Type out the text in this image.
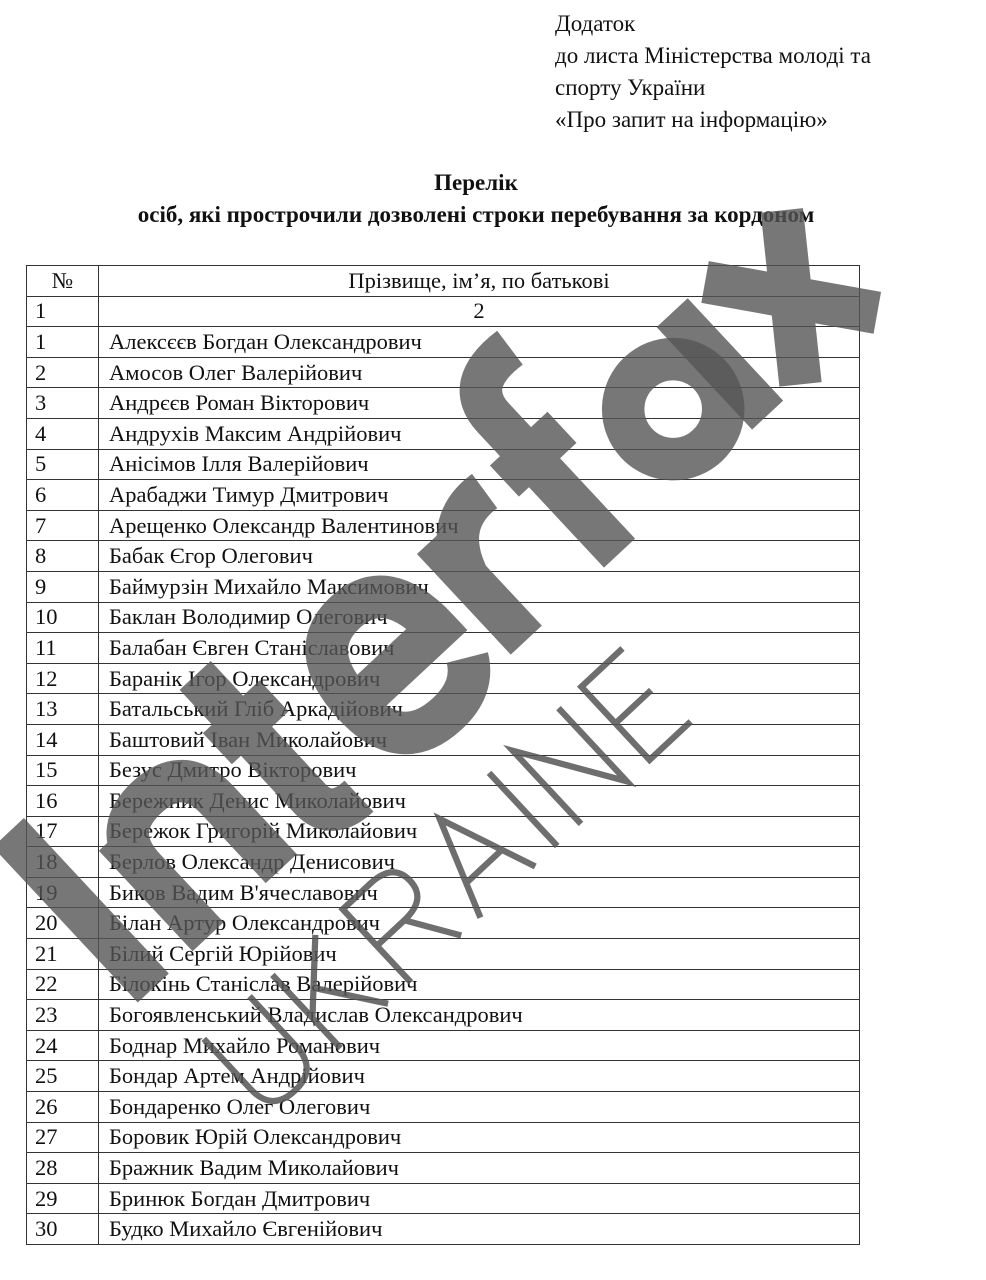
Додаток
до листа Міністерства молоді та
спорту України
«Про запит на інформацію»
Перелік
осіб, які прострочили дозволені строки перебування за кордоном
№	Прізвище, ім’я, по батькові
1	2
1	Алексєєв Богдан Олександрович
2	Амосов Олег Валерійович
3	Андрєєв Роман Вікторович
4	Андрухів Максим Андрійович
5	Анісімов Ілля Валерійович
6	Арабаджи Тимур Дмитрович
7	Арещенко Олександр Валентинович
8	Бабак Єгор Олегович
9	Баймурзін Михайло Максимович
10	Баклан Володимир Олегович
11	Балабан Євген Станіславович
12	Баранік Ігор Олександрович
13	Батальський Гліб Аркадійович
14	Баштовий Іван Миколайович
15	Безус Дмитро Вікторович
16	Бережник Денис Миколайович
17	Бережок Григорій Миколайович
18	Берлов Олександр Денисович
19	Биков Вадим В'ячеславович
20	Білан Артур Олександрович
21	Білий Сергій Юрійович
22	Білокінь Станіслав Валерійович
23	Богоявленський Владислав Олександрович
24	Боднар Михайло Романович
25	Бондар Артем Андрійович
26	Бондаренко Олег Олегович
27	Боровик Юрій Олександрович
28	Бражник Вадим Миколайович
29	Бринюк Богдан Дмитрович
30	Будко Михайло Євгенійович
